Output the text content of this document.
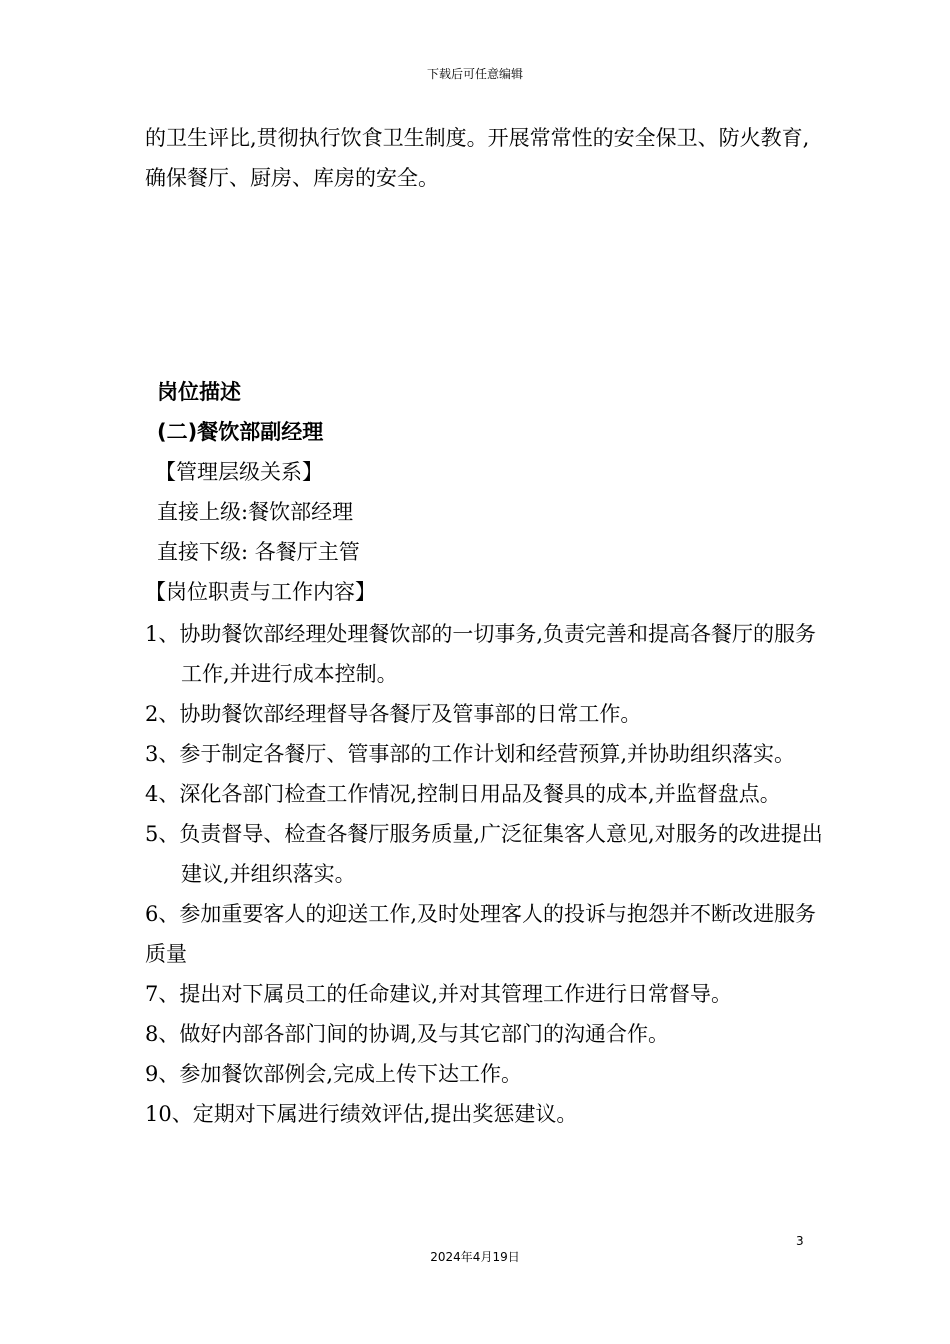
下载后可任意编辑
的卫生评比,贯彻执行饮食卫生制度。开展常常性的安全保卫、防火教育,确保餐厅、厨房、库房的安全。
岗位描述
(二)餐饮部副经理
【管理层级关系】
直接上级:餐饮部经理
直接下级: 各餐厅主管
【岗位职责与工作内容】
1、协助餐饮部经理处理餐饮部的一切事务,负责完善和提高各餐厅的服务工作,并进行成本控制。
2、协助餐饮部经理督导各餐厅及管事部的日常工作。
3、参于制定各餐厅、管事部的工作计划和经营预算,并协助组织落实。
4、深化各部门检查工作情况,控制日用品及餐具的成本,并监督盘点。
5、负责督导、检查各餐厅服务质量,广泛征集客人意见,对服务的改进提出建议,并组织落实。
6、参加重要客人的迎送工作,及时处理客人的投诉与抱怨并不断改进服务质量
7、提出对下属员工的任命建议,并对其管理工作进行日常督导。
8、做好内部各部门间的协调,及与其它部门的沟通合作。
9、参加餐饮部例会,完成上传下达工作。
10、定期对下属进行绩效评估,提出奖惩建议。
3
2024年4月19日
